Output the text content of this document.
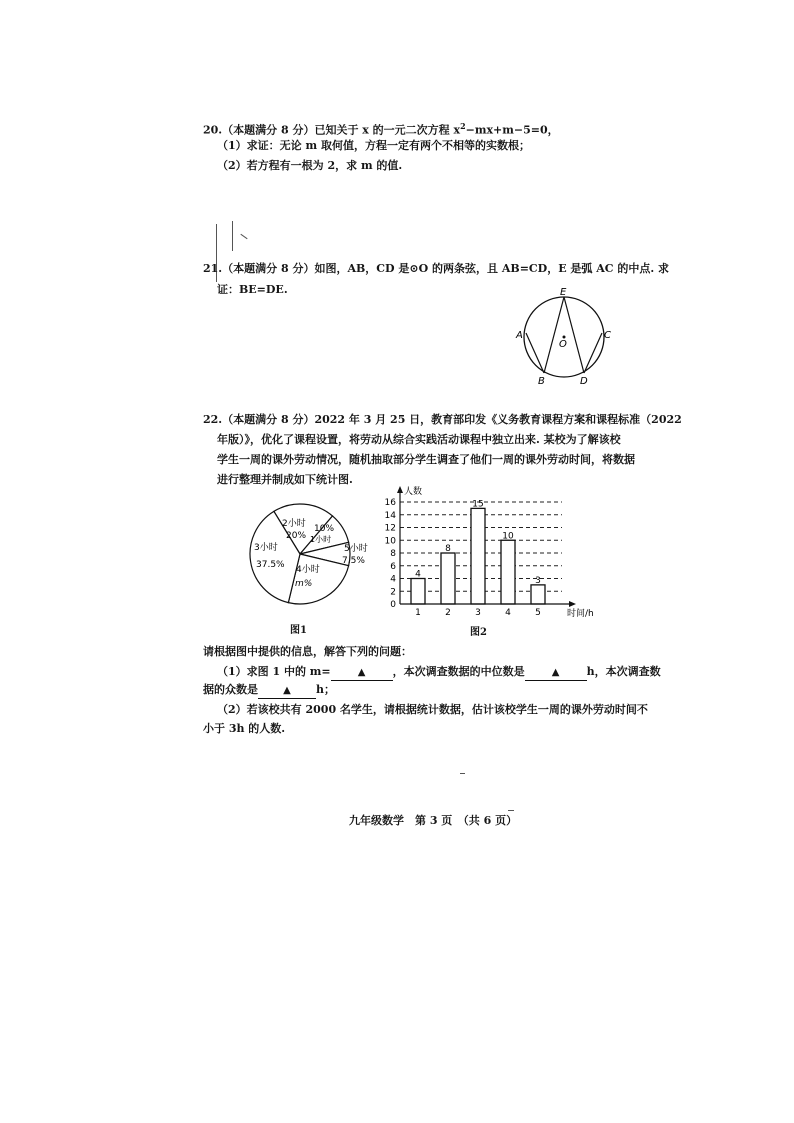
20.（本题满分 8 分）已知关于 x 的一元二次方程 $x^2-mx+m-5=0$，
（1）求证：无论 m 取何值，方程一定有两个不相等的实数根；
（2）若方程有一根为 2，求 m 的值.
21.（本题满分 8 分）如图，AB，CD 是⊙O 的两条弦，且 AB=CD，E 是弧 AC 的中点. 求
证：BE=DE.	E
A	C
O
B	D
22.（本题满分 8 分）2022 年 3 月 25 日，教育部印发《义务教育课程方案和课程标准（2022
年版）》，优化了课程设置，将劳动从综合实践活动课程中独立出来. 某校为了解该校
学生一周的课外劳动情况，随机抽取部分学生调查了他们一周的课外劳动时间，将数据
进行整理并制成如下统计图.
2小时
20%
10%
1小时
3小时
37.5% 4小时
m%
5小时
7.5%
图1
0
2
4
6
8
10
12
14
16
4
8
15
10
3
1	2	3	4	5
人数
时间/h
图2
请根据图中提供的信息，解答下列的问题：
（1）求图 1 中的 m=	▲ ，本次调查数据的中位数是	▲ h，本次调查数
据的众数是	▲ h；
（2）若该校共有 2000 名学生，请根据统计数据，估计该校学生一周的课外劳动时间不
小于 3h 的人数.
九年级数学　第 3 页　（共 6 页）
